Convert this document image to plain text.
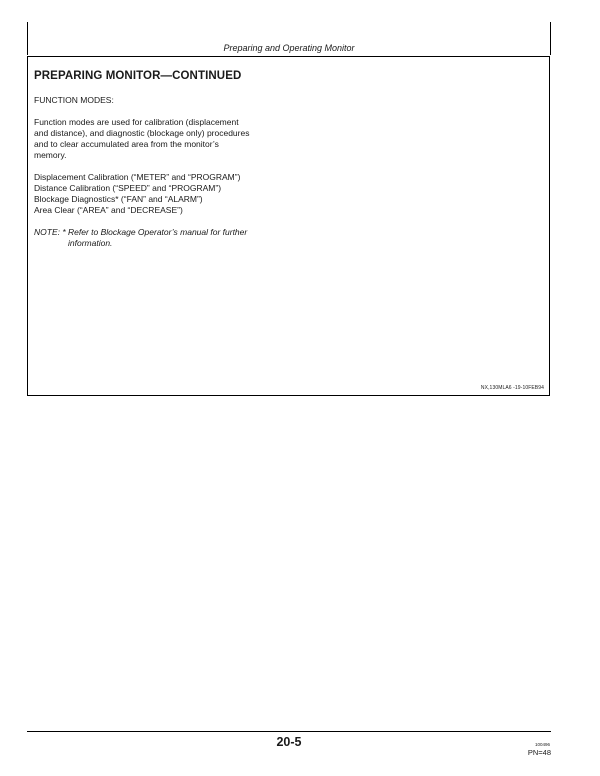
Preparing and Operating Monitor
PREPARING MONITOR—CONTINUED

FUNCTION MODES:

Function modes are used for calibration (displacement
and distance), and diagnostic (blockage only) procedures
and to clear accumulated area from the monitor’s
memory.

Displacement Calibration (“METER” and “PROGRAM”)
Distance Calibration (“SPEED” and “PROGRAM”)
Blockage Diagnostics* (“FAN” and “ALARM”)
Area Clear (“AREA” and “DECREASE”)

NOTE: * Refer to Blockage Operator’s manual for further
information.

NX,130MLA6 -19-10FEB94
20-5	100496
PN=48
